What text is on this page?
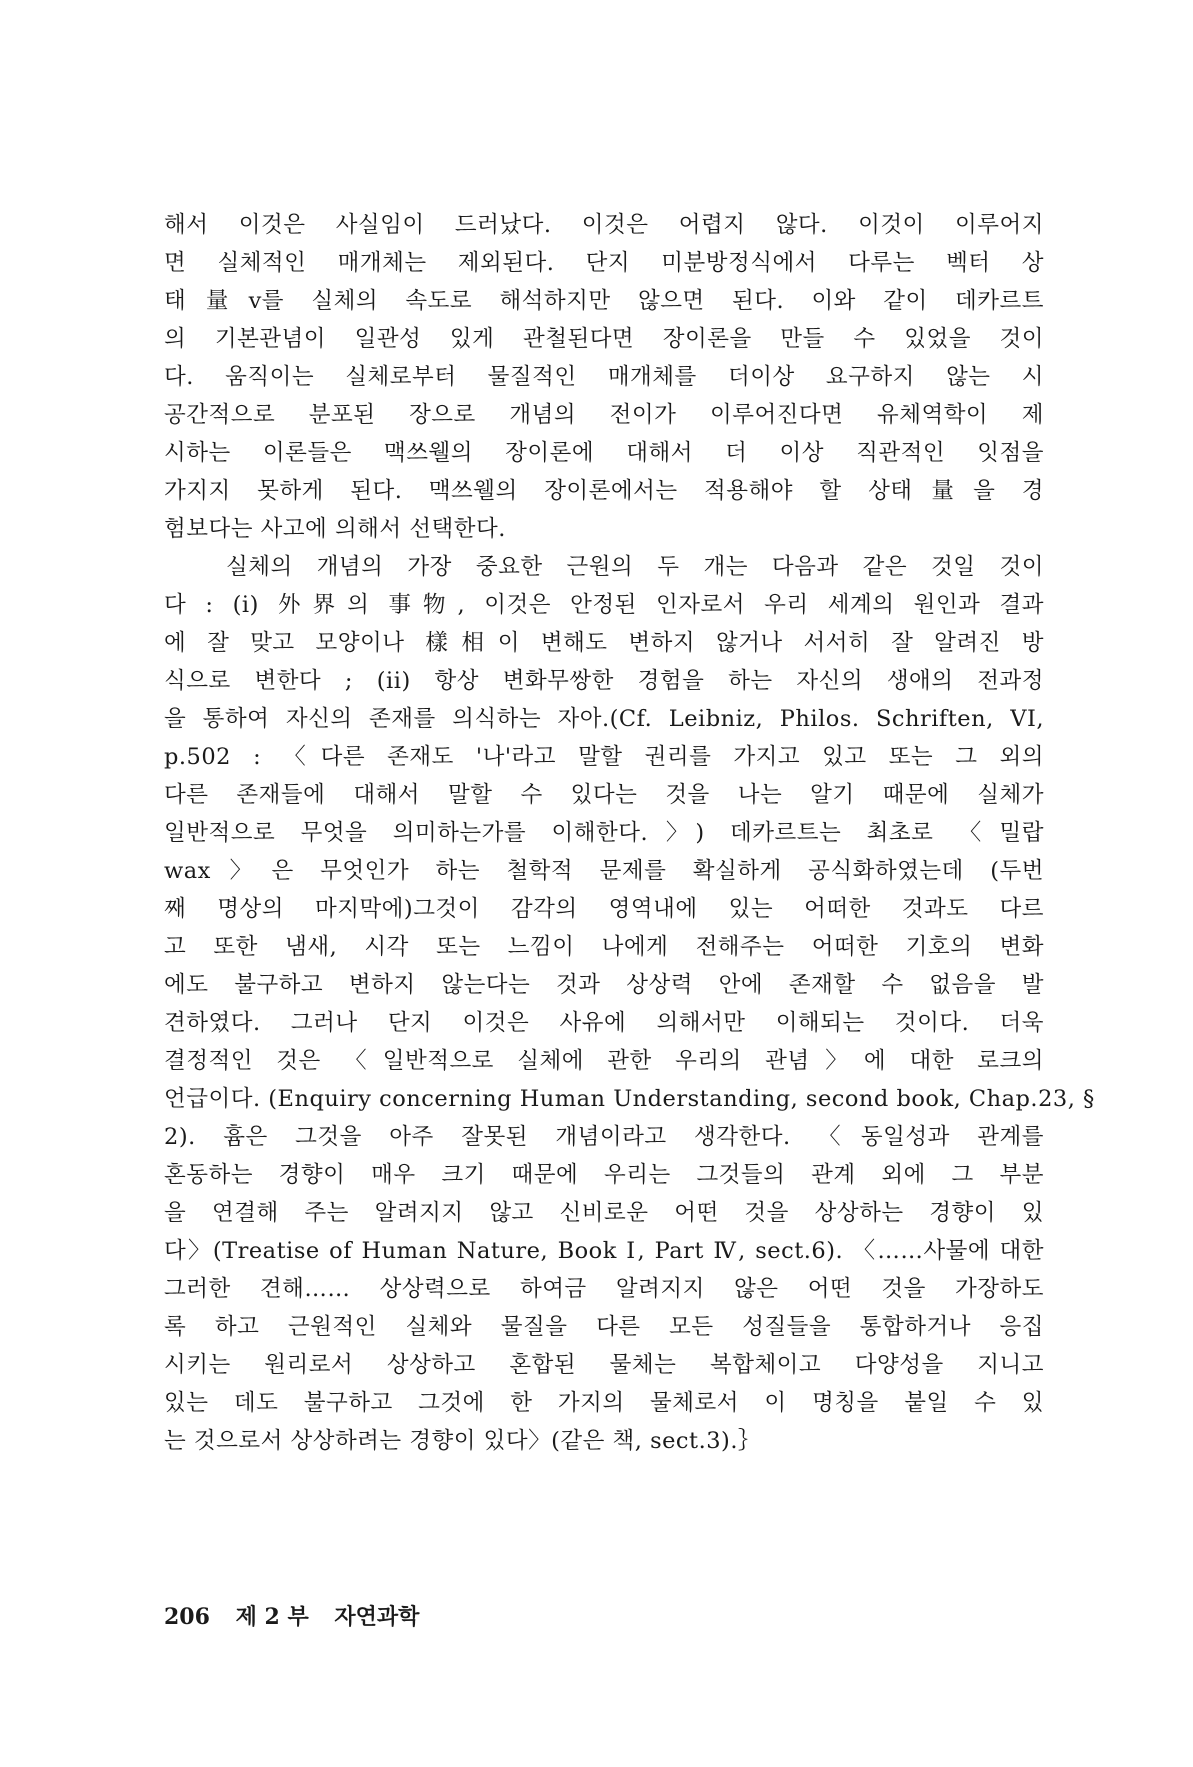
해서 이것은 사실임이 드러났다. 이것은 어렵지 않다. 이것이 이루어지
면 실체적인 매개체는 제외된다. 단지 미분방정식에서 다루는 벡터 상
태量v를 실체의 속도로 해석하지만 않으면 된다. 이와 같이 데카르트
의 기본관념이 일관성 있게 관철된다면 장이론을 만들 수 있었을 것이
다. 움직이는 실체로부터 물질적인 매개체를 더이상 요구하지 않는 시
공간적으로 분포된 장으로 개념의 전이가 이루어진다면 유체역학이 제
시하는 이론들은 맥쓰웰의 장이론에 대해서 더 이상 직관적인 잇점을
가지지 못하게 된다. 맥쓰웰의 장이론에서는 적용해야 할 상태量을 경
험보다는 사고에 의해서 선택한다.
실체의 개념의 가장 중요한 근원의 두 개는 다음과 같은 것일 것이
다 : (i) 外界의 事物, 이것은 안정된 인자로서 우리 세계의 원인과 결과
에 잘 맞고 모양이나 樣相이 변해도 변하지 않거나 서서히 잘 알려진 방
식으로 변한다 ; (ii) 항상 변화무쌍한 경험을 하는 자신의 생애의 전과정
을 통하여 자신의 존재를 의식하는 자아.(Cf. Leibniz, Philos. Schriften, VI,
p.502 : 〈다른 존재도 '나'라고 말할 권리를 가지고 있고 또는 그 외의
다른 존재들에 대해서 말할 수 있다는 것을 나는 알기 때문에 실체가
일반적으로 무엇을 의미하는가를 이해한다.〉) 데카르트는 최초로 〈밀랍
wax〉은 무엇인가 하는 철학적 문제를 확실하게 공식화하였는데 (두번
째 명상의 마지막에)그것이 감각의 영역내에 있는 어떠한 것과도 다르
고 또한 냄새, 시각 또는 느낌이 나에게 전해주는 어떠한 기호의 변화
에도 불구하고 변하지 않는다는 것과 상상력 안에 존재할 수 없음을 발
견하였다. 그러나 단지 이것은 사유에 의해서만 이해되는 것이다. 더욱
결정적인 것은 〈일반적으로 실체에 관한 우리의 관념〉에 대한 로크의
언급이다. (Enquiry concerning Human Understanding, second book, Chap.23, §
2). 흄은 그것을 아주 잘못된 개념이라고 생각한다. 〈동일성과 관계를
혼동하는 경향이 매우 크기 때문에 우리는 그것들의 관계 외에 그 부분
을 연결해 주는 알려지지 않고 신비로운 어떤 것을 상상하는 경향이 있
다〉(Treatise of Human Nature, Book Ⅰ, Part Ⅳ, sect.6). 〈……사물에 대한
그러한 견해…… 상상력으로 하여금 알려지지 않은 어떤 것을 가장하도
록 하고 근원적인 실체와 물질을 다른 모든 성질들을 통합하거나 응집
시키는 원리로서 상상하고 혼합된 물체는 복합체이고 다양성을 지니고
있는 데도 불구하고 그것에 한 가지의 물체로서 이 명칭을 붙일 수 있
는 것으로서 상상하려는 경향이 있다〉(같은 책, sect.3).｝
206 제 2 부 자연과학
